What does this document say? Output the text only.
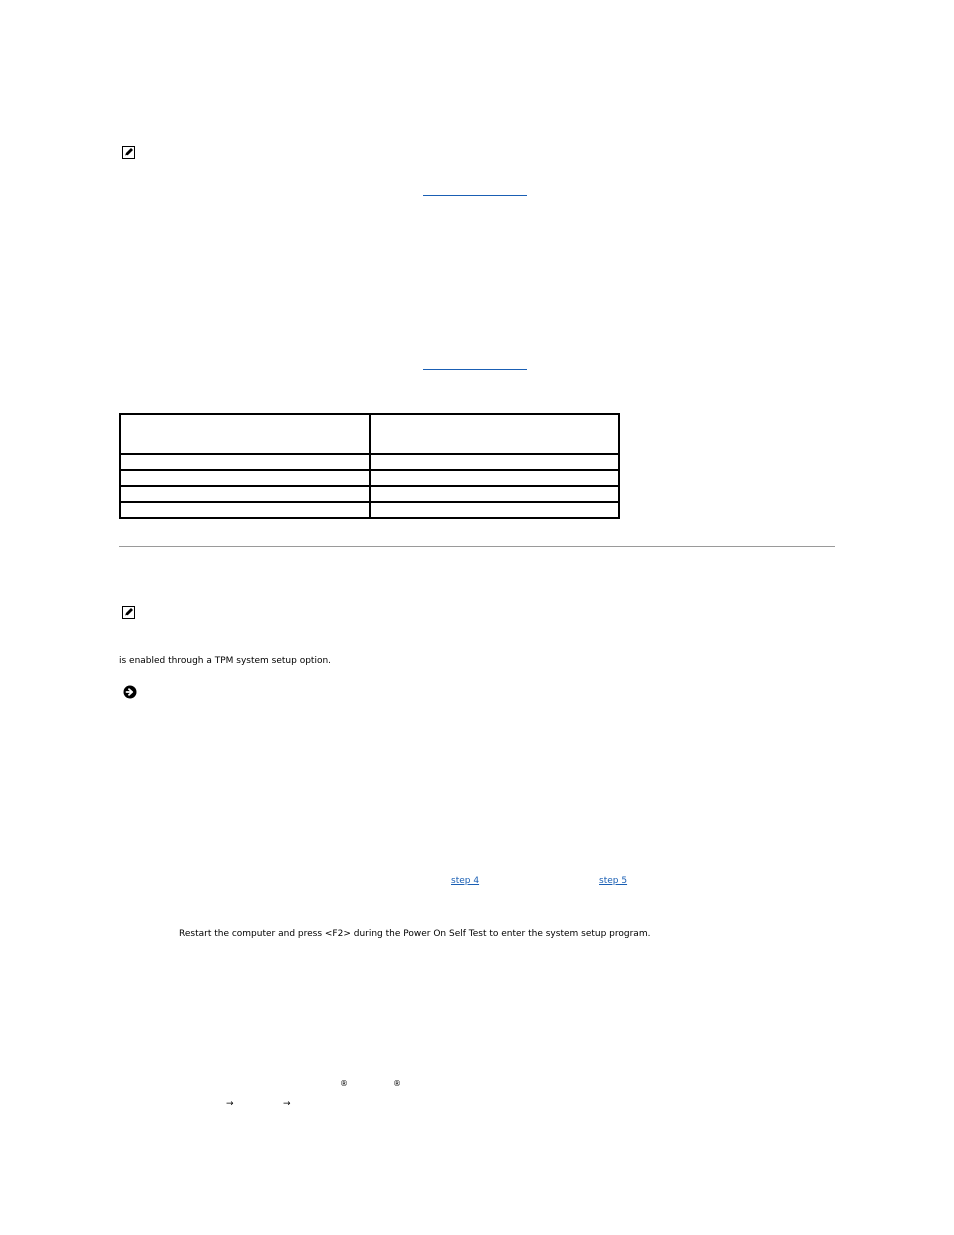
is enabled through a TPM system setup option.
step 4	step 5
Restart the computer and press <F2> during the Power On Self Test to enter the system setup program.
®	®
→	→
